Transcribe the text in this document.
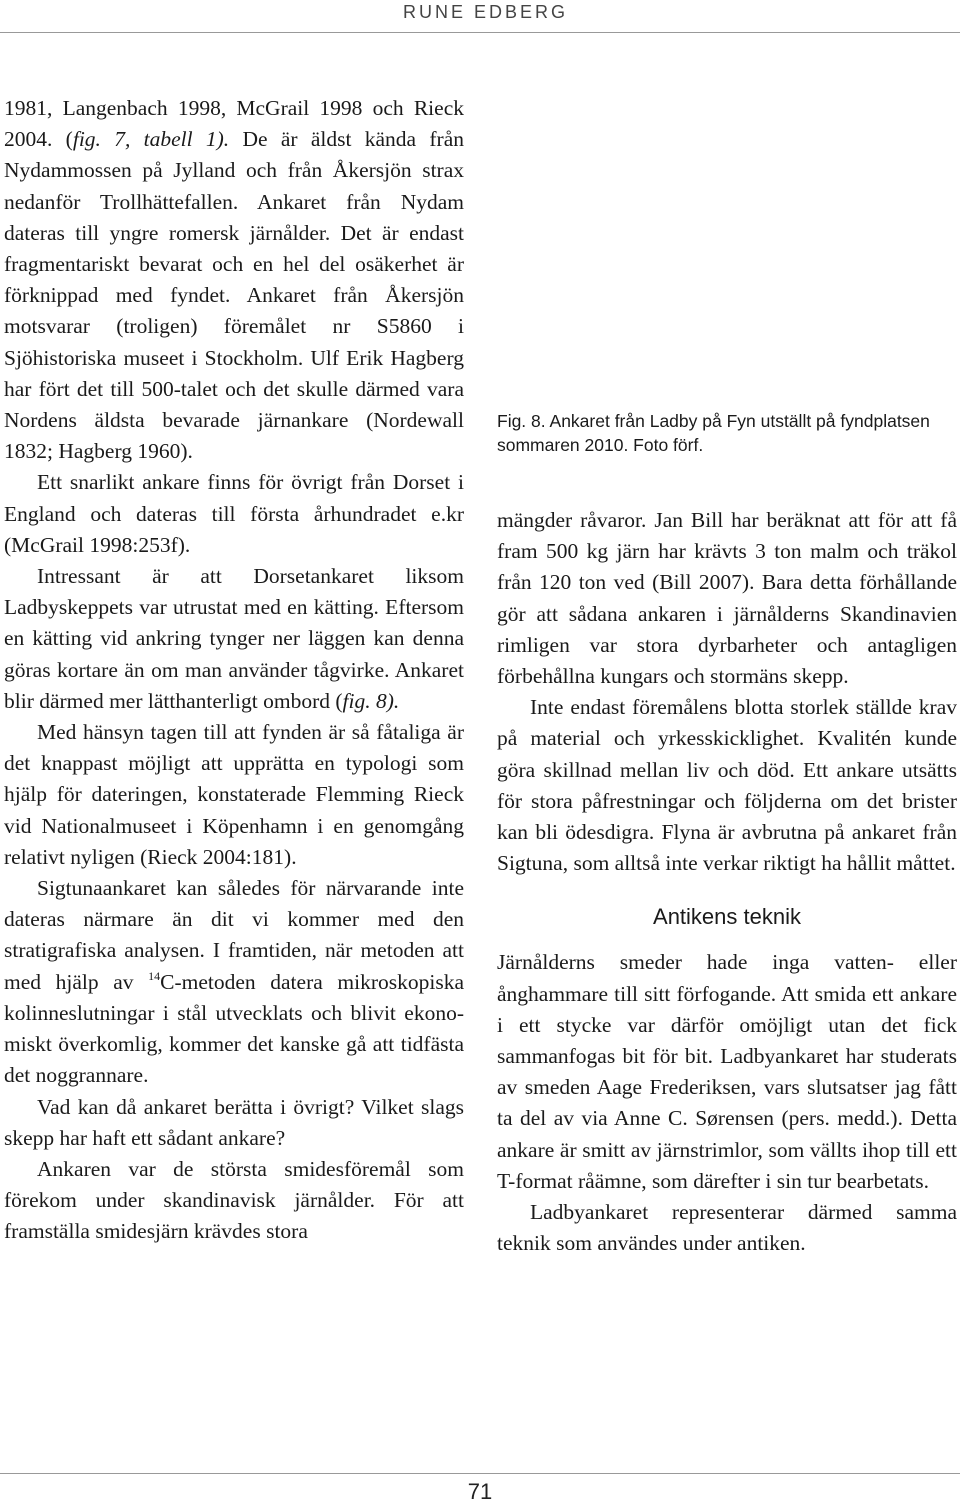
RUNE EDBERG

1981, Langenbach 1998, McGrail 1998 och Rieck 2004. (fig. 7, tabell 1). De är äldst kända från Nydammossen på Jylland och från Åkersjön strax nedanför Trollhättefallen. Ankaret från Nydam dateras till yngre romersk järnålder. Det är endast fragmentariskt bevarat och en hel del osäkerhet är förknippad med fyndet. Ankaret från Åkersjön motsvarar (troligen) föremålet nr S5860 i Sjöhistoriska museet i Stockholm. Ulf Erik Hagberg har fört det till 500-talet och det skulle därmed vara Nordens äldsta bevarade järnankare (Nordewall 1832; Hagberg 1960).

Ett snarlikt ankare finns för övrigt från Dorset i England och dateras till första århundradet e.kr (McGrail 1998:253f).

Intressant är att Dorsetankaret liksom Ladbyskeppets var utrustat med en kätting. Eftersom en kätting vid ankring tynger ner läggen kan denna göras kortare än om man använder tågvirke. Ankaret blir därmed mer lätthanterligt ombord (fig. 8).

Med hänsyn tagen till att fynden är så fåtaliga är det knappast möjligt att upprätta en typologi som hjälp för dateringen, konstaterade Flemming Rieck vid Nationalmuseet i Köpenhamn i en genomgång relativt nyligen (Rieck 2004:181).

Sigtunaankaret kan således för närvarande inte dateras närmare än dit vi kommer med den stratigrafiska analysen. I framtiden, när metoden att med hjälp av $^{14}$C-metoden datera mikroskopiska kolinneslutningar i stål utvecklats och blivit ekonomiskt överkomlig, kommer det kanske gå att tidfästa det noggrannare.

Vad kan då ankaret berätta i övrigt? Vilket slags skepp har haft ett sådant ankare?

Ankaren var de största smidesföremål som förekom under skandinavisk järnålder. För att framställa smidesjärn krävdes stora

Fig. 8. Ankaret från Ladby på Fyn utställt på fyndplatsen sommaren 2010. Foto förf.

mängder råvaror. Jan Bill har beräknat att för att få fram 500 kg järn har krävts 3 ton malm och träkol från 120 ton ved (Bill 2007). Bara detta förhållande gör att sådana ankaren i järnålderns Skandinavien rimligen var stora dyrbarheter och antagligen förbehållna kungars och stormäns skepp.

Inte endast föremålens blotta storlek ställde krav på material och yrkesskicklighet. Kvalitén kunde göra skillnad mellan liv och död. Ett ankare utsätts för stora påfrestningar och följderna om det brister kan bli ödesdigra. Flyna är avbrutna på ankaret från Sigtuna, som alltså inte verkar riktigt ha hållit måttet.

Antikens teknik

Järnålderns smeder hade inga vatten- eller ånghammare till sitt förfogande. Att smida ett ankare i ett stycke var därför omöjligt utan det fick sammanfogas bit för bit. Ladbyankaret har studerats av smeden Aage Frederiksen, vars slutsatser jag fått ta del av via Anne C. Sørensen (pers. medd.). Detta ankare är smitt av järnstrimlor, som vällts ihop till ett T-format råämne, som därefter i sin tur bearbetats.

Ladbyankaret representerar därmed samma teknik som användes under antiken.

71
